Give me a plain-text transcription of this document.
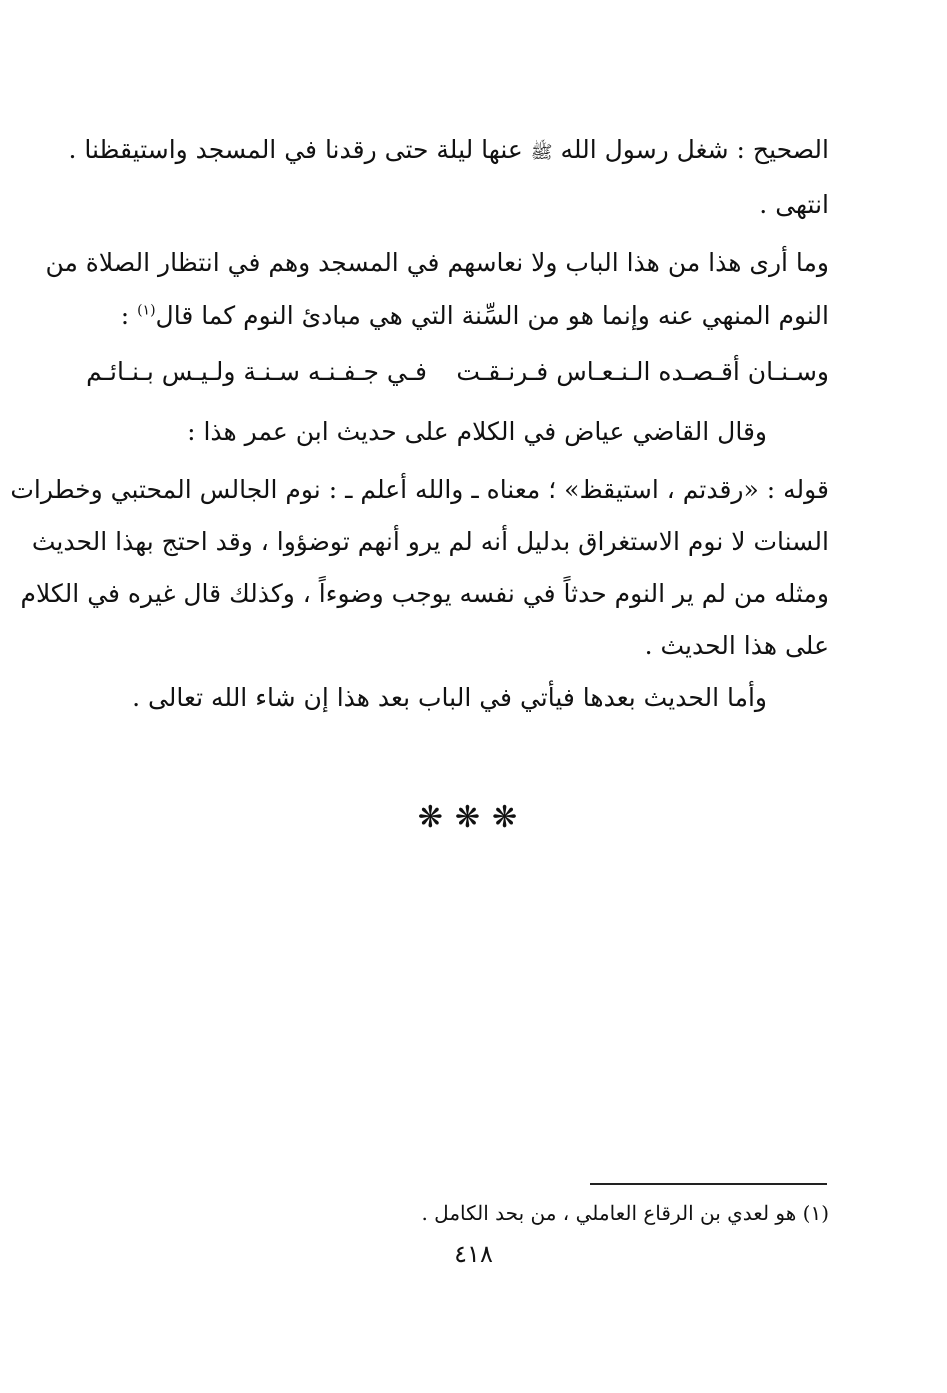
الصحيح : شغل رسول الله ﷺ عنها ليلة حتى رقدنا في المسجد واستيقظنا .
انتهى .
وما أرى هذا من هذا الباب ولا نعاسهم في المسجد وهم في انتظار الصلاة من
النوم المنهي عنه وإنما هو من السِّنة التي هي مبادئ النوم كما قال$^{(١)}$ :
وسـنـان أقـصـده الـنـعـاس فـرنـقـت
فـي جـفـنـه سـنـة ولـيـس بـنـائـم
وقال القاضي عياض في الكلام على حديث ابن عمر هذا :
قوله : «رقدتم ، استيقظ» ؛ معناه ـ والله أعلم ـ : نوم الجالس المحتبي وخطرات
السنات لا نوم الاستغراق بدليل أنه لم يرو أنهم توضؤوا ، وقد احتج بهذا الحديث
ومثله من لم ير النوم حدثاً في نفسه يوجب وضوءاً ، وكذلك قال غيره في الكلام
على هذا الحديث .
وأما الحديث بعدها فيأتي في الباب بعد هذا إن شاء الله تعالى .
❋❋❋
(١) هو لعدي بن الرقاع العاملي ، من بحد الكامل .
٤١٨
